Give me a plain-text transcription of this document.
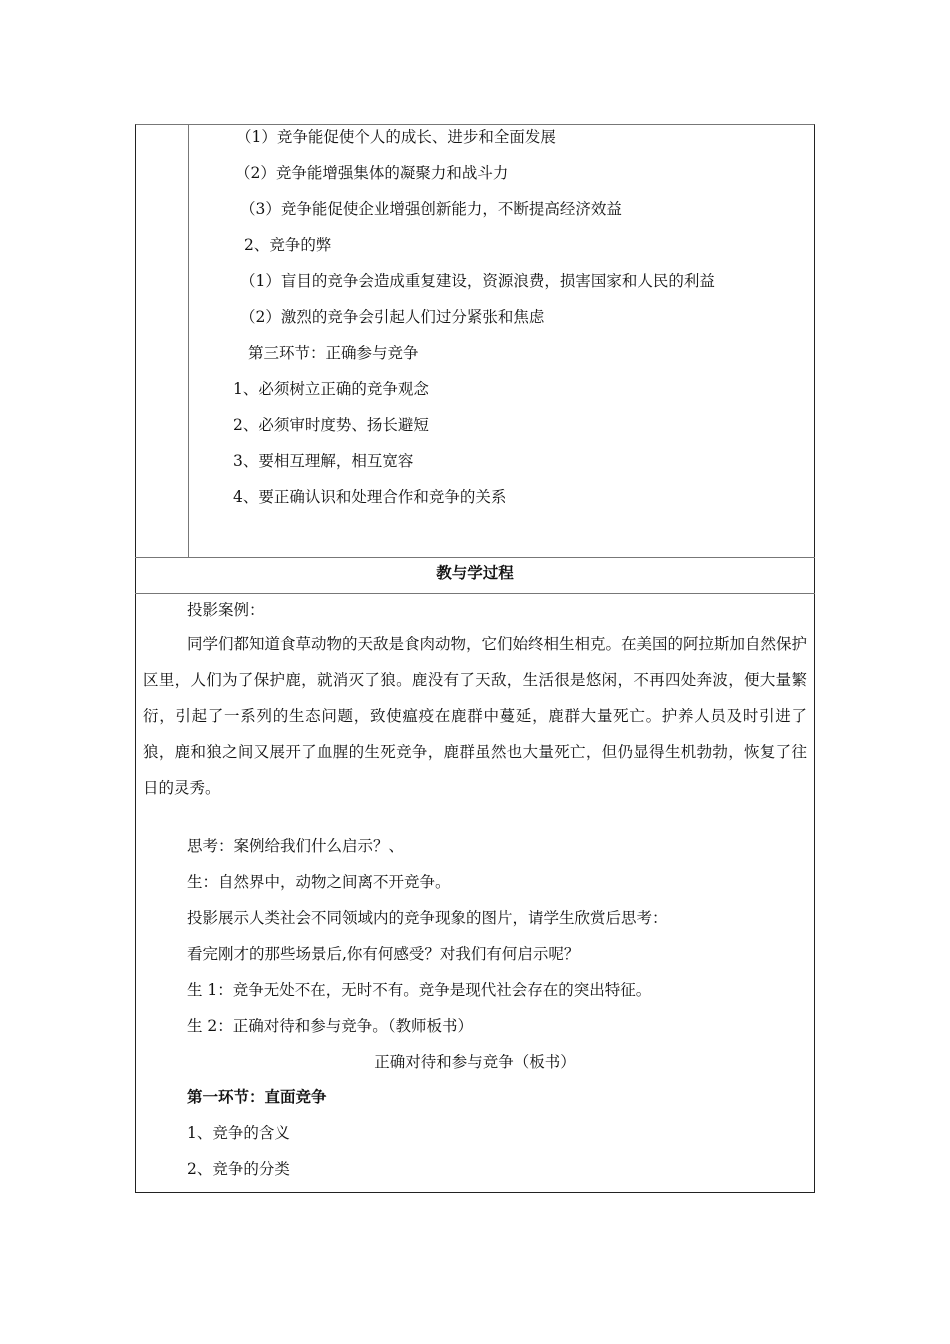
（1）竞争能促使个人的成长、进步和全面发展
（2）竞争能增强集体的凝聚力和战斗力
（3）竞争能促使企业增强创新能力，不断提高经济效益
2、竞争的弊
（1）盲目的竞争会造成重复建设，资源浪费，损害国家和人民的利益
（2）激烈的竞争会引起人们过分紧张和焦虑
第三环节：正确参与竞争
1、必须树立正确的竞争观念
2、必须审时度势、扬长避短
3、要相互理解，相互宽容
4、要正确认识和处理合作和竞争的关系
教与学过程
投影案例：
同学们都知道食草动物的天敌是食肉动物，它们始终相生相克。在美国的阿拉斯加自然保护区里，人们为了保护鹿，就消灭了狼。鹿没有了天敌，生活很是悠闲，不再四处奔波，便大量繁衍，引起了一系列的生态问题，致使瘟疫在鹿群中蔓延，鹿群大量死亡。护养人员及时引进了狼，鹿和狼之间又展开了血腥的生死竞争，鹿群虽然也大量死亡，但仍显得生机勃勃，恢复了往日的灵秀。
思考：案例给我们什么启示？、
生：自然界中，动物之间离不开竞争。
投影展示人类社会不同领域内的竞争现象的图片，请学生欣赏后思考：
看完刚才的那些场景后,你有何感受？对我们有何启示呢？
生 1：竞争无处不在，无时不有。竞争是现代社会存在的突出特征。
生 2：正确对待和参与竞争。（教师板书）
正确对待和参与竞争（板书）
第一环节：直面竞争
1、竞争的含义
2、竞争的分类
